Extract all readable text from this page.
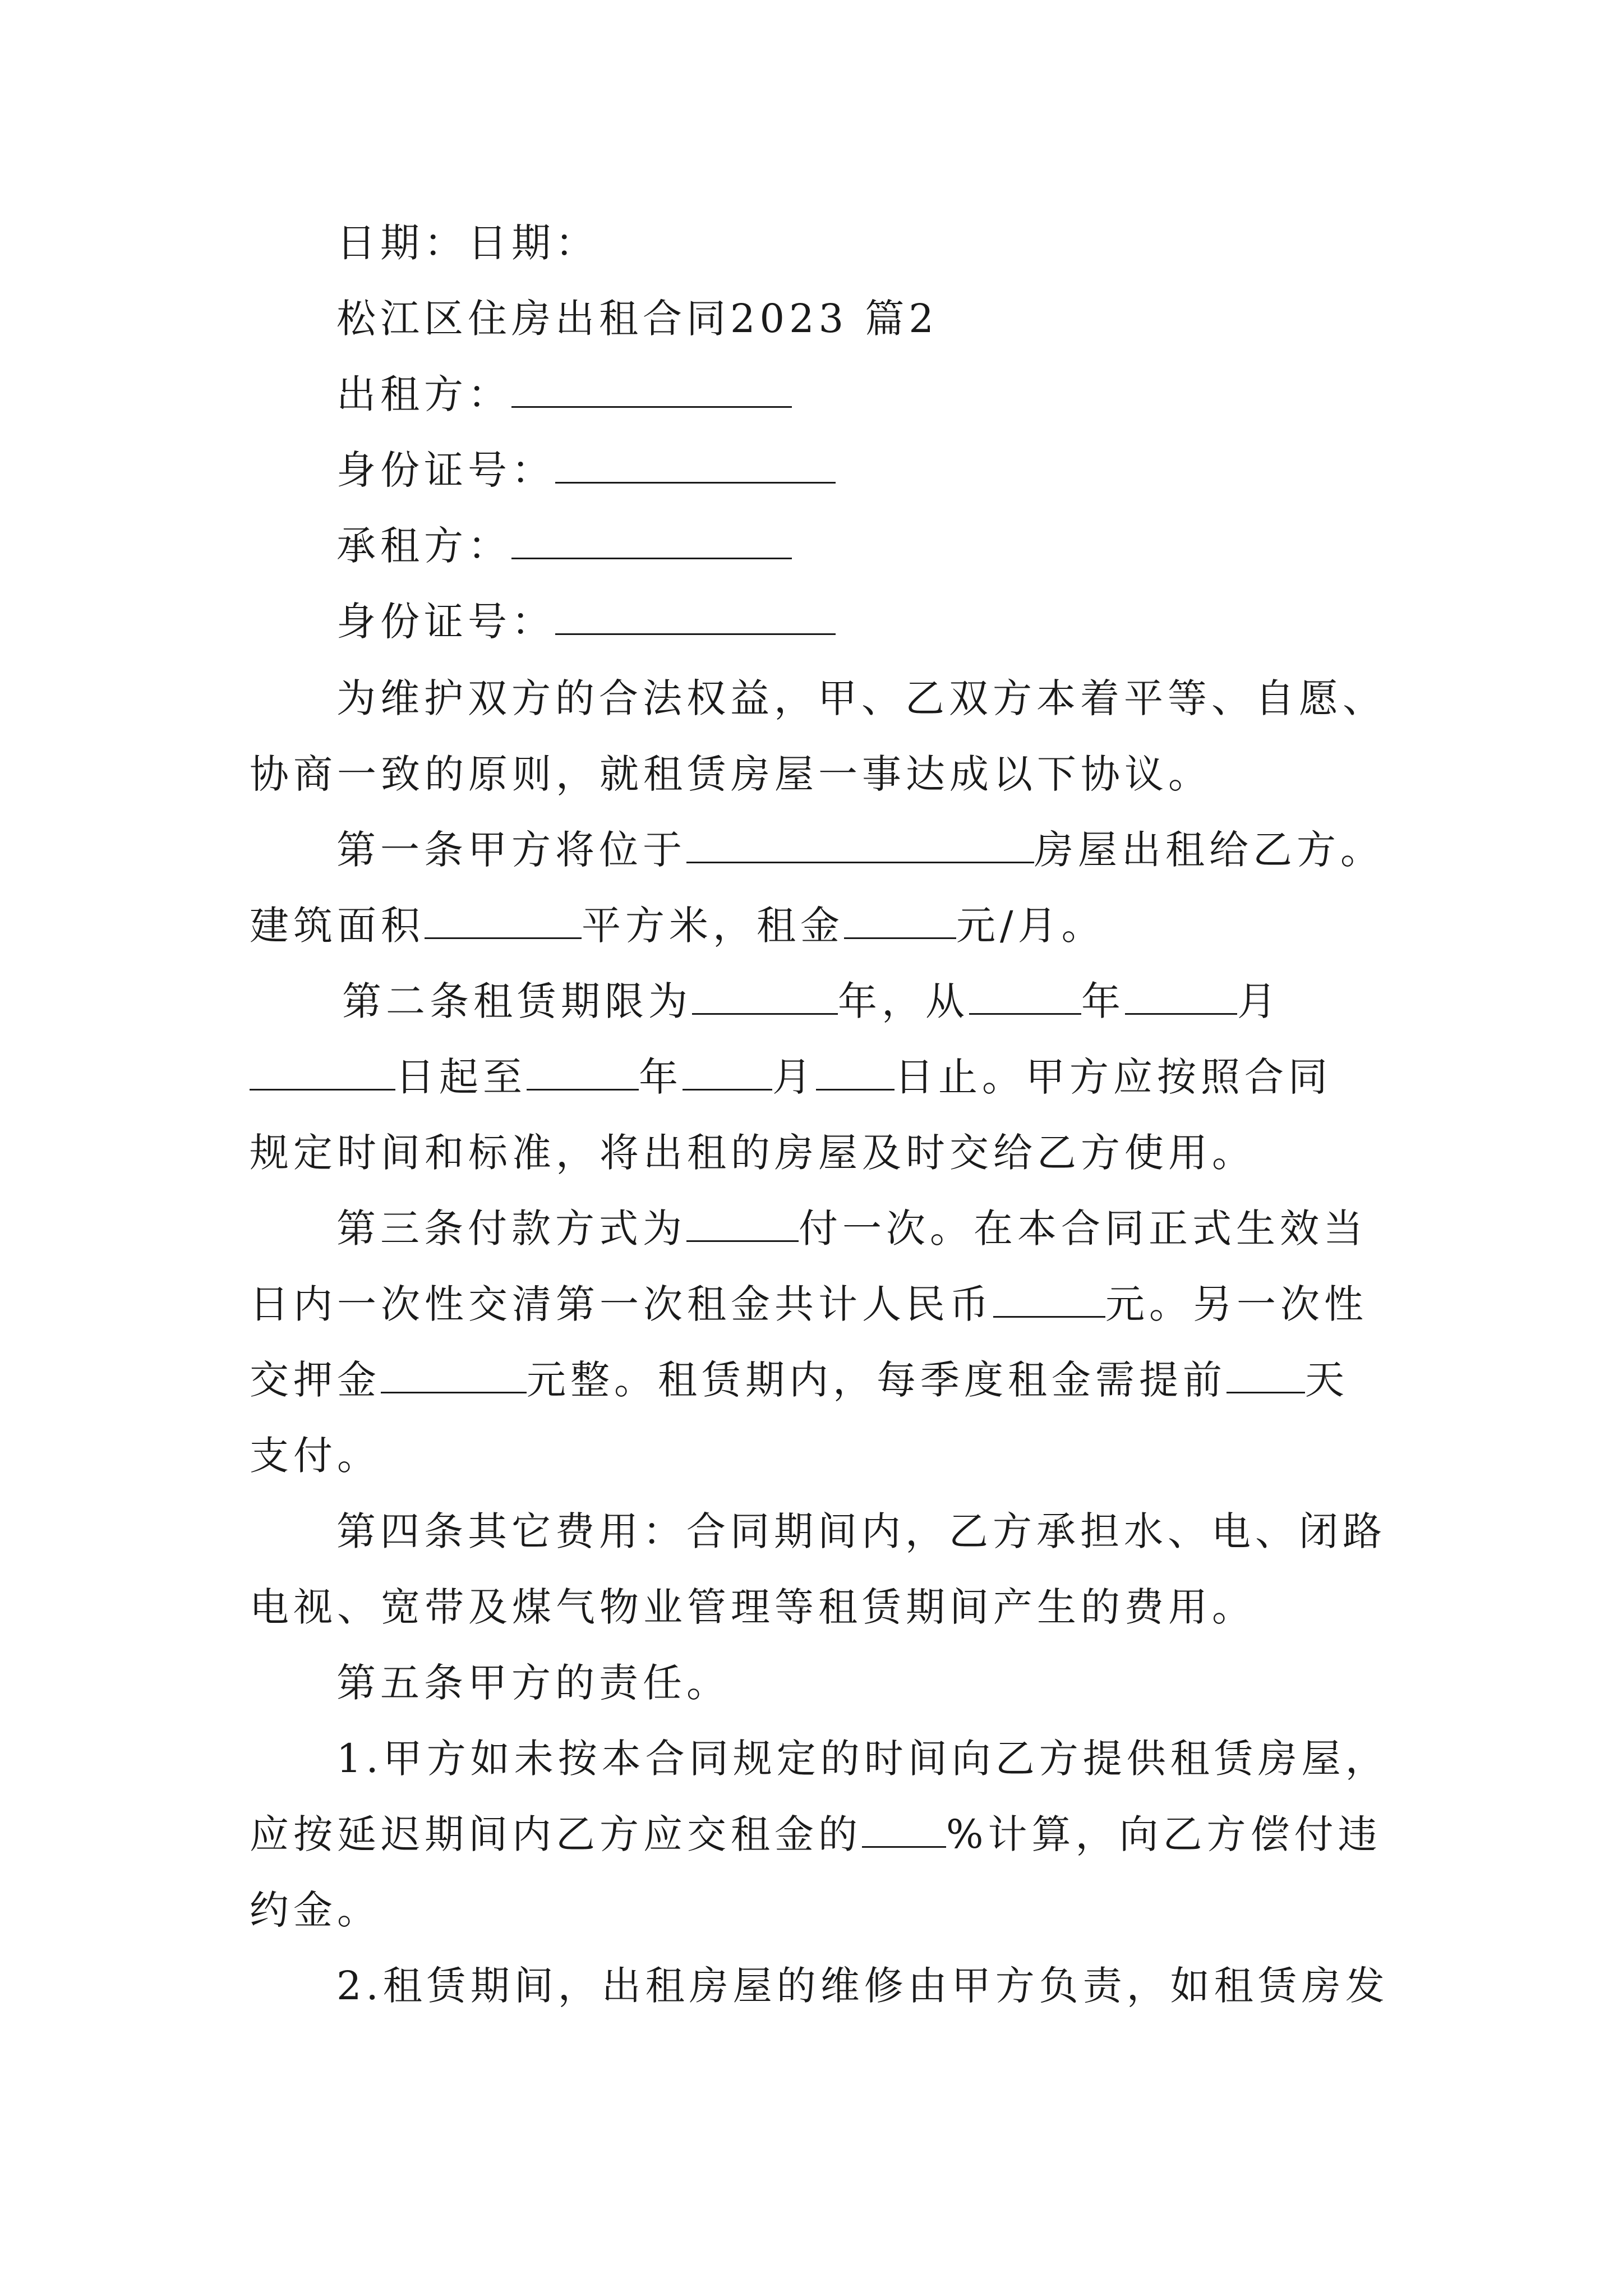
日期：日期：
松江区住房出租合同2023 篇2
出租方：
身份证号：
承租方：
身份证号：
为维护双方的合法权益，甲、乙双方本着平等、自愿、
协商一致的原则，就租赁房屋一事达成以下协议。
第一条甲方将位于	房屋出租给乙方。
建筑面积	平方米，租金	元/月。
第二条租赁期限为	年，从	年	月
日起至	年 月 日止。甲方应按照合同
规定时间和标准，将出租的房屋及时交给乙方使用。
第三条付款方式为	付一次。在本合同正式生效当
日内一次性交清第一次租金共计人民币	元。另一次性
交押金	元整。租赁期内，每季度租金需提前 天
支付。
第四条其它费用：合同期间内，乙方承担水、电、闭路
电视、宽带及煤气物业管理等租赁期间产生的费用。
第五条甲方的责任。
1.甲方如未按本合同规定的时间向乙方提供租赁房屋，
应按延迟期间内乙方应交租金的 %计算，向乙方偿付违
约金。
2.租赁期间，出租房屋的维修由甲方负责，如租赁房发
